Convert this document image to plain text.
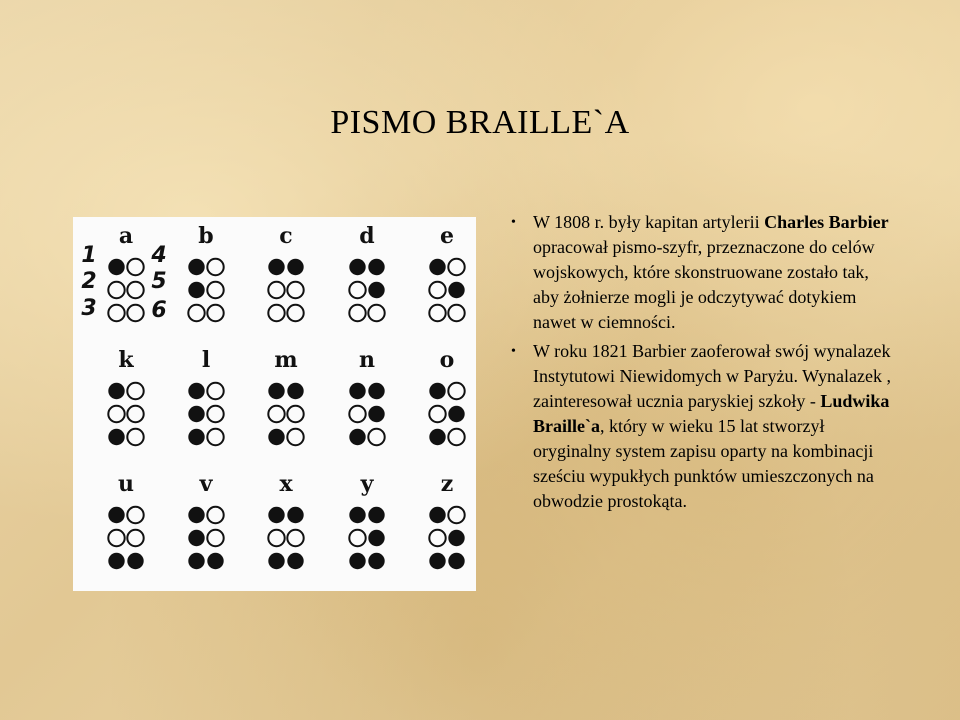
PISMO BRAILLE`A
a	b	c	d	e
k	l	m	n	o
u	v	x	y	z
1
2
3
4
5
6
• W 1808 r. były kapitan artylerii Charles Barbier opracował pismo-szyfr, przeznaczone do celów wojskowych, które skonstruowane zostało tak, aby żołnierze mogli je odczytywać dotykiem nawet w ciemności.
• W roku 1821 Barbier zaoferował swój wynalazek Instytutowi Niewidomych w Paryżu. Wynalazek , zainteresował ucznia paryskiej szkoły - Ludwika Braille`a, który w wieku 15 lat stworzył oryginalny system zapisu oparty na kombinacji sześciu wypukłych punktów umieszczonych na obwodzie prostokąta.
